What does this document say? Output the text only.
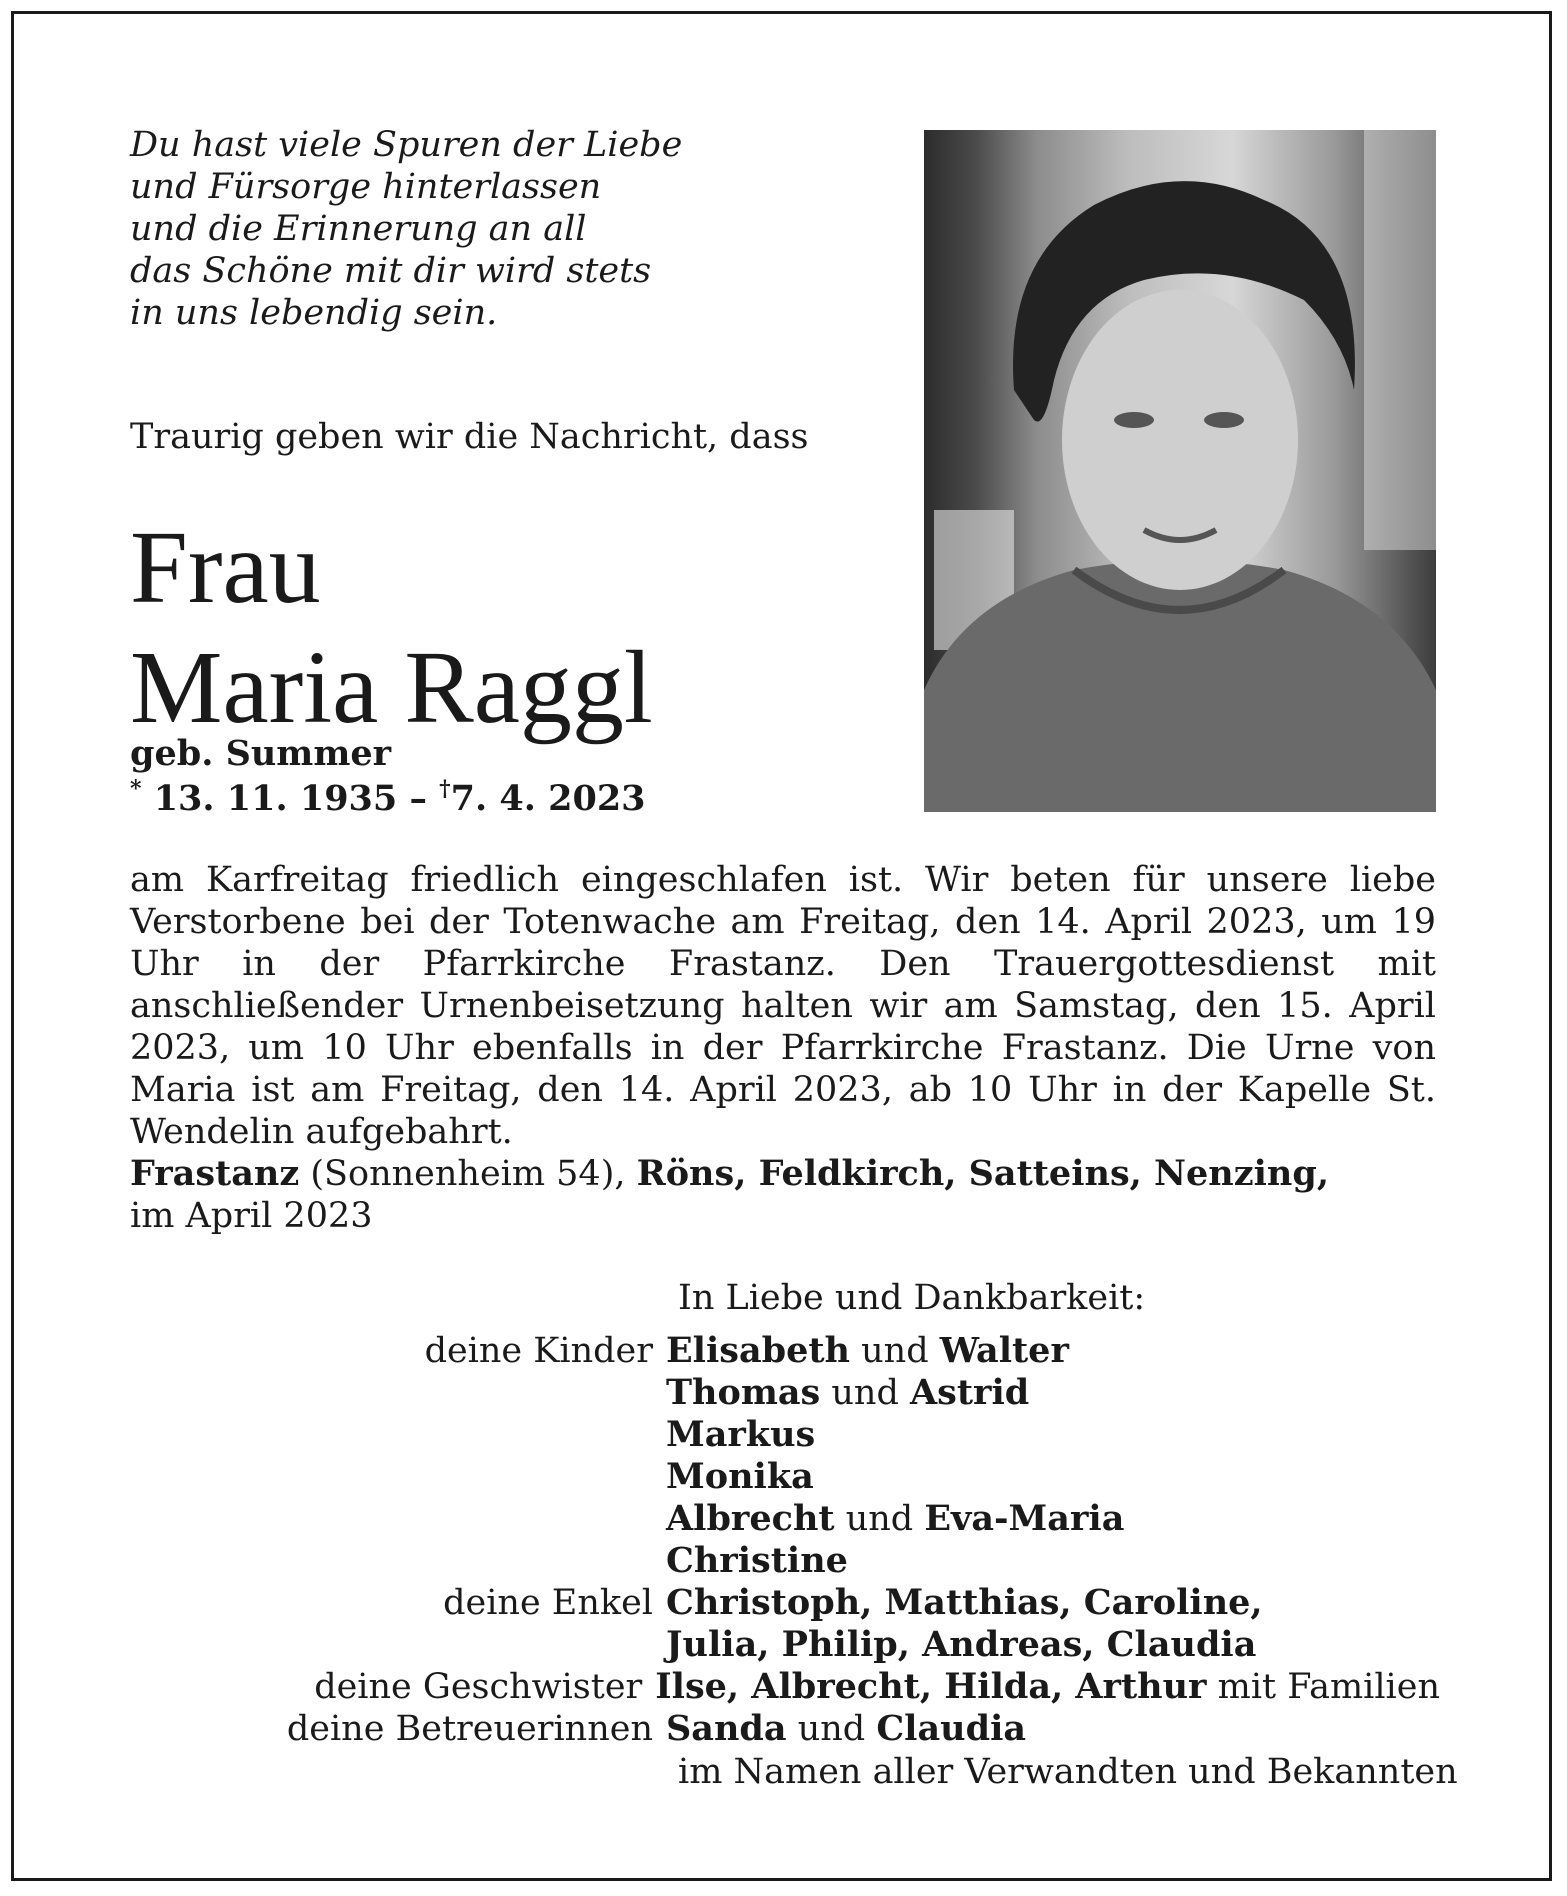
Du hast viele Spuren der Liebe
und Fürsorge hinterlassen
und die Erinnerung an all
das Schöne mit dir wird stets
in uns lebendig sein.
Traurig geben wir die Nachricht, dass
Frau
Maria Raggl
geb. Summer
* 13. 11. 1935 – †7. 4. 2023
am Karfreitag friedlich eingeschlafen ist. Wir beten für unsere liebe Verstorbene bei der Totenwache am Freitag, den 14. April 2023, um 19 Uhr in der Pfarrkirche Frastanz. Den Trauergottesdienst mit anschließender Urnenbeisetzung halten wir am Samstag, den 15. April 2023, um 10 Uhr ebenfalls in der Pfarrkirche Frastanz. Die Urne von Maria ist am Freitag, den 14. April 2023, ab 10 Uhr in der Kapelle St. Wendelin aufgebahrt.
Frastanz (Sonnenheim 54), Röns, Feldkirch, Satteins, Nenzing,
im April 2023
In Liebe und Dankbarkeit:
deine Kinder Elisabeth und Walter
Thomas und Astrid
Markus
Monika
Albrecht und Eva-Maria
Christine
deine Enkel Christoph, Matthias, Caroline,
Julia, Philip, Andreas, Claudia
deine Geschwister Ilse, Albrecht, Hilda, Arthur mit Familien
deine Betreuerinnen Sanda und Claudia
im Namen aller Verwandten und Bekannten
